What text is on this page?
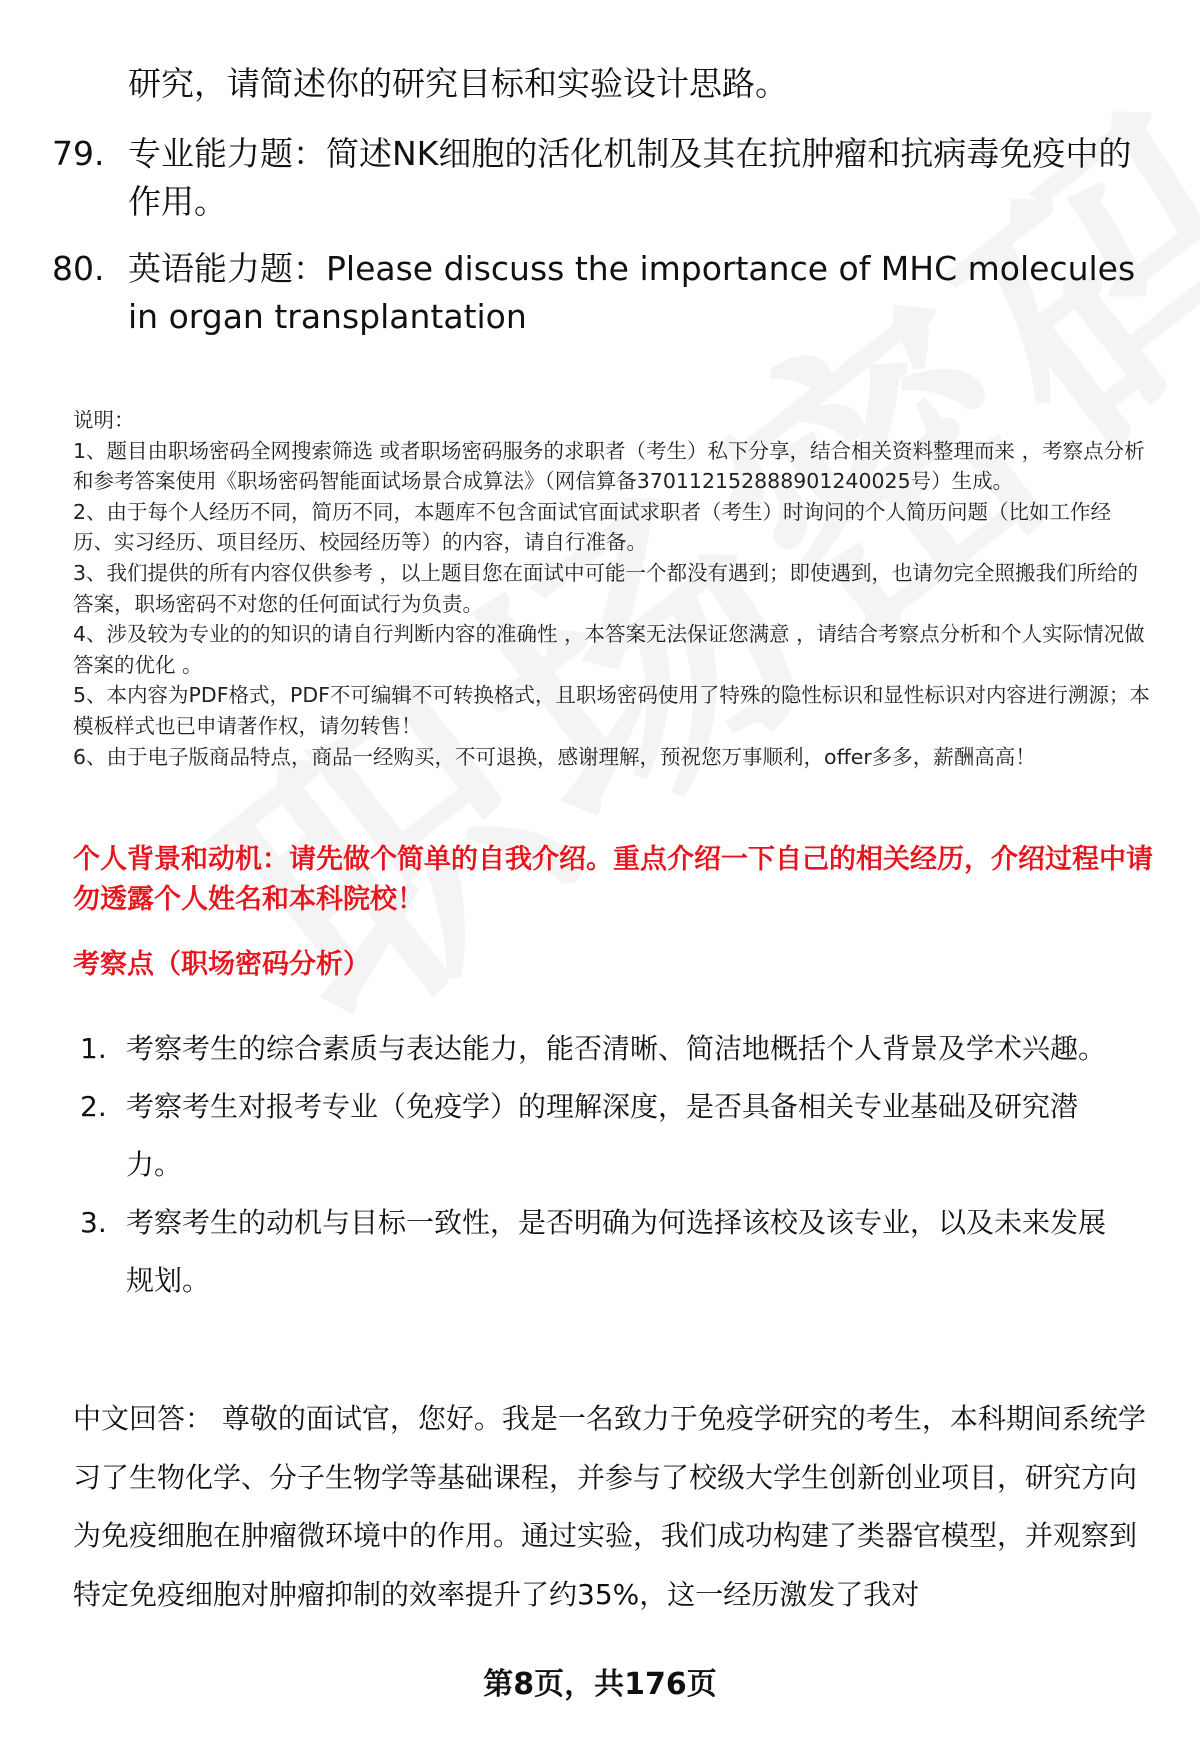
研究，请简述你的研究目标和实验设计思路。
79. 专业能力题：简述NK细胞的活化机制及其在抗肿瘤和抗病毒免疫中的作用。
80. 英语能力题：Please discuss the importance of MHC molecules in organ transplantation

说明：

1、题目由职场密码全网搜索筛选 或者职场密码服务的求职者（考生）私下分享，结合相关资料整理而来 ，考察点分析和参考答案使用《职场密码智能面试场景合成算法》（网信算备370112152888901240025号）生成。

2、由于每个人经历不同，简历不同，本题库不包含面试官面试求职者（考生）时询问的个人简历问题（比如工作经历、实习经历、项目经历、校园经历等）的内容，请自行准备。

3、我们提供的所有内容仅供参考 ，以上题目您在面试中可能一个都没有遇到；即使遇到，也请勿完全照搬我们所给的答案，职场密码不对您的任何面试行为负责。

4、涉及较为专业的的知识的请自行判断内容的准确性 ，本答案无法保证您满意 ，请结合考察点分析和个人实际情况做答案的优化 。

5、本内容为PDF格式，PDF不可编辑不可转换格式，且职场密码使用了特殊的隐性标识和显性标识对内容进行溯源；本模板样式也已申请著作权，请勿转售！

6、由于电子版商品特点，商品一经购买，不可退换，感谢理解，预祝您万事顺利，offer多多，薪酬高高！

个人背景和动机：请先做个简单的自我介绍。重点介绍一下自己的相关经历，介绍过程中请勿透露个人姓名和本科院校！
考察点（职场密码分析）
1. 考察考生的综合素质与表达能力，能否清晰、简洁地概括个人背景及学术兴趣。
2. 考察考生对报考专业（免疫学）的理解深度，是否具备相关专业基础及研究潜力。
3. 考察考生的动机与目标一致性，是否明确为何选择该校及该专业，以及未来发展规划。
中文回答： 尊敬的面试官，您好。我是一名致力于免疫学研究的考生，本科期间系统学习了生物化学、分子生物学等基础课程，并参与了校级大学生创新创业项目，研究方向为免疫细胞在肿瘤微环境中的作用。通过实验，我们成功构建了类器官模型，并观察到特定免疫细胞对肿瘤抑制的效率提升了约35%，这一经历激发了我对
第8页，共176页
